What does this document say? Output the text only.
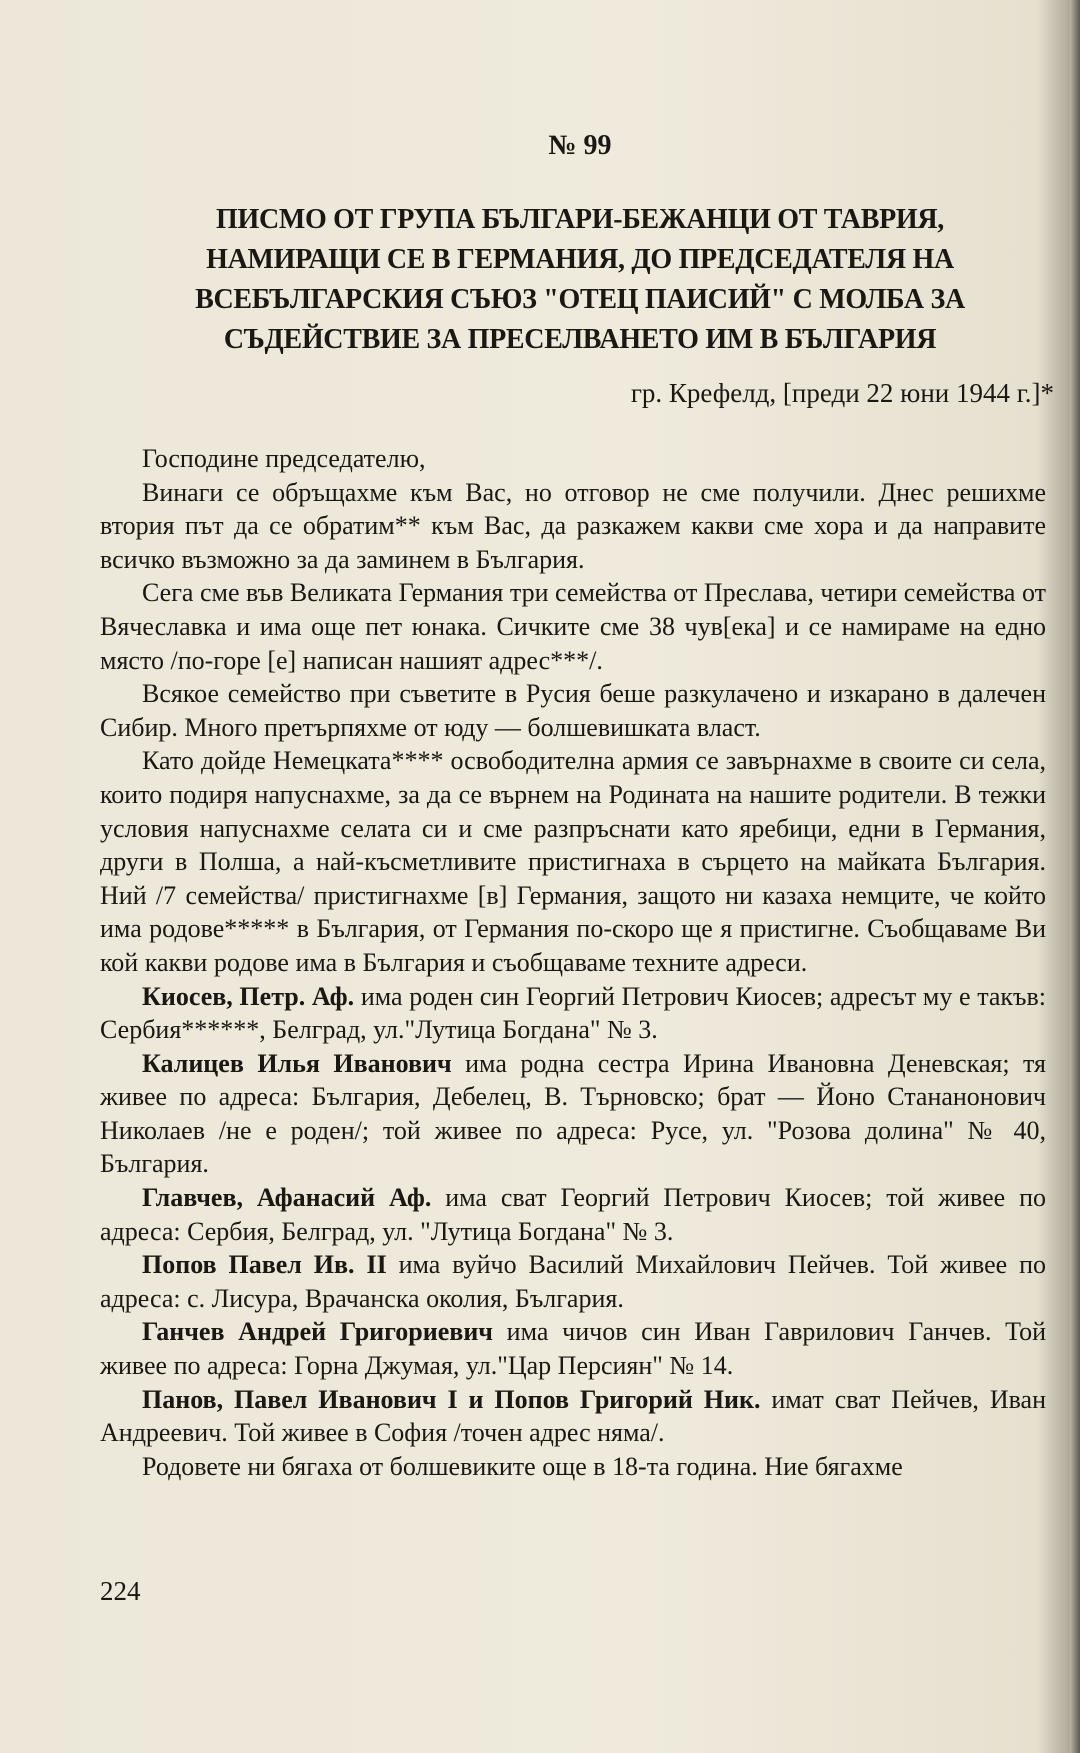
№ 99
ПИСМО ОТ ГРУПА БЪЛГАРИ-БЕЖАНЦИ ОТ ТАВРИЯ,
НАМИРАЩИ СЕ В ГЕРМАНИЯ, ДО ПРЕДСЕДАТЕЛЯ НА
ВСЕБЪЛГАРСКИЯ СЪЮЗ "ОТЕЦ ПАИСИЙ" С МОЛБА ЗА
СЪДЕЙСТВИЕ ЗА ПРЕСЕЛВАНЕТО ИМ В БЪЛГАРИЯ
гр. Крефелд, [преди 22 юни 1944 г.]*

Господине председателю,

Винаги се обръщахме към Вас, но отговор не сме получили. Днес решихме втория път да се обратим** към Вас, да разкажем какви сме хора и да направите всичко възможно за да заминем в България.

Сега сме във Великата Германия три семейства от Преслава, четири семейства от Вячеславка и има още пет юнака. Сичките сме 38 чув[ека] и се намираме на едно място /по-горе [е] написан нашият адрес***/.

Всякое семейство при съветите в Русия беше разкулачено и изкарано в далечен Сибир. Много претърпяхме от юду — болшевишката власт.

Като дойде Немецката**** освободителна армия се завърнахме в своите си села, които подиря напуснахме, за да се върнем на Родината на нашите родители. В тежки условия напуснахме селата си и сме разпръснати като яребици, едни в Германия, други в Полша, а най-късметливите пристигнаха в сърцето на майката България. Ний /7 семейства/ пристигнахме [в] Германия, защото ни казаха немците, че който има родове***** в България, от Германия по-скоро ще я пристигне. Съобщаваме Ви кой какви родове има в България и съобщаваме техните адреси.

Киосев, Петр. Аф. има роден син Георгий Петрович Киосев; адресът му е такъв: Сербия******, Белград, ул."Лутица Богдана" № 3.

Калицев Илья Иванович има родна сестра Ирина Ивановна Деневская; тя живее по адреса: България, Дебелец, В. Търновско; брат — Йоно Стананонович Николаев /не е роден/; той живее по адреса: Русе, ул. "Розова долина" № 40, България.

Главчев, Афанасий Аф. има сват Георгий Петрович Киосев; той живее по адреса: Сербия, Белград, ул. "Лутица Богдана" № 3.

Попов Павел Ив. II има вуйчо Василий Михайлович Пейчев. Той живее по адреса: с. Лисура, Врачанска околия, България.

Ганчев Андрей Григориевич има чичов син Иван Гаврилович Ганчев. Той живее по адреса: Горна Джумая, ул."Цар Персиян" № 14.

Панов, Павел Иванович I и Попов Григорий Ник. имат сват Пейчев, Иван Андреевич. Той живее в София /точен адрес няма/.

Родовете ни бягаха от болшевиките още в 18-та година. Ние бягахме

224
